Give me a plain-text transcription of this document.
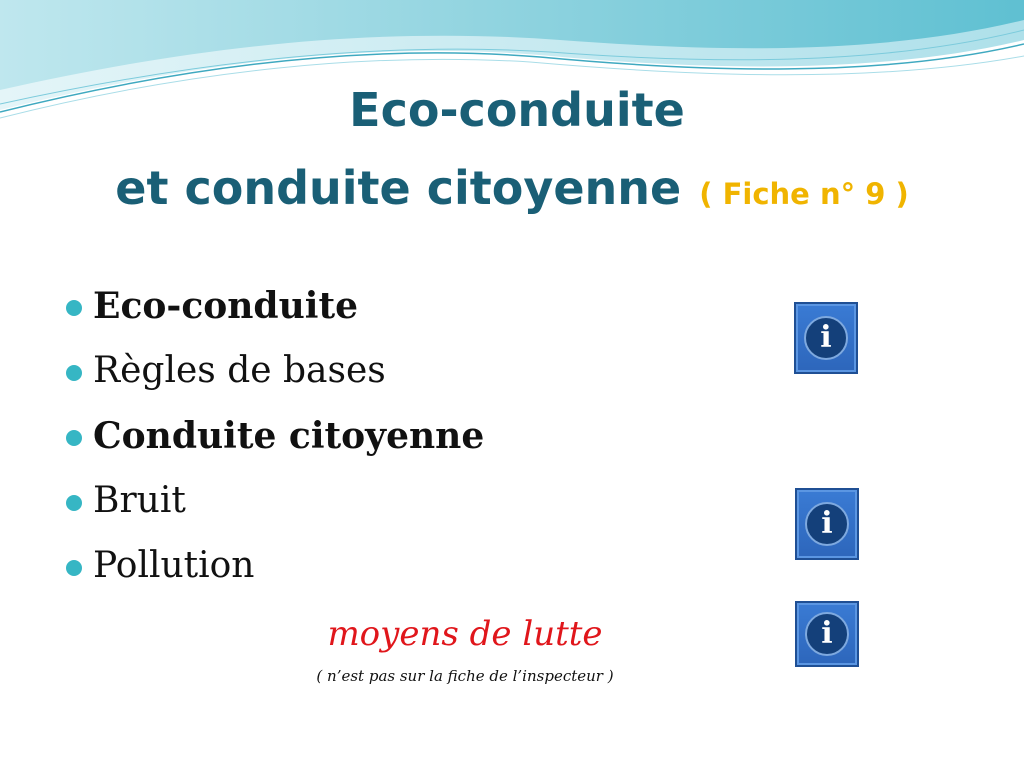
Eco-conduite
et conduite citoyenne ( Fiche n° 9 )
Eco-conduite
Règles de bases
Conduite citoyenne
Bruit
Pollution
moyens de lutte
( n’est pas sur la fiche de l’inspecteur )
i
i
i
